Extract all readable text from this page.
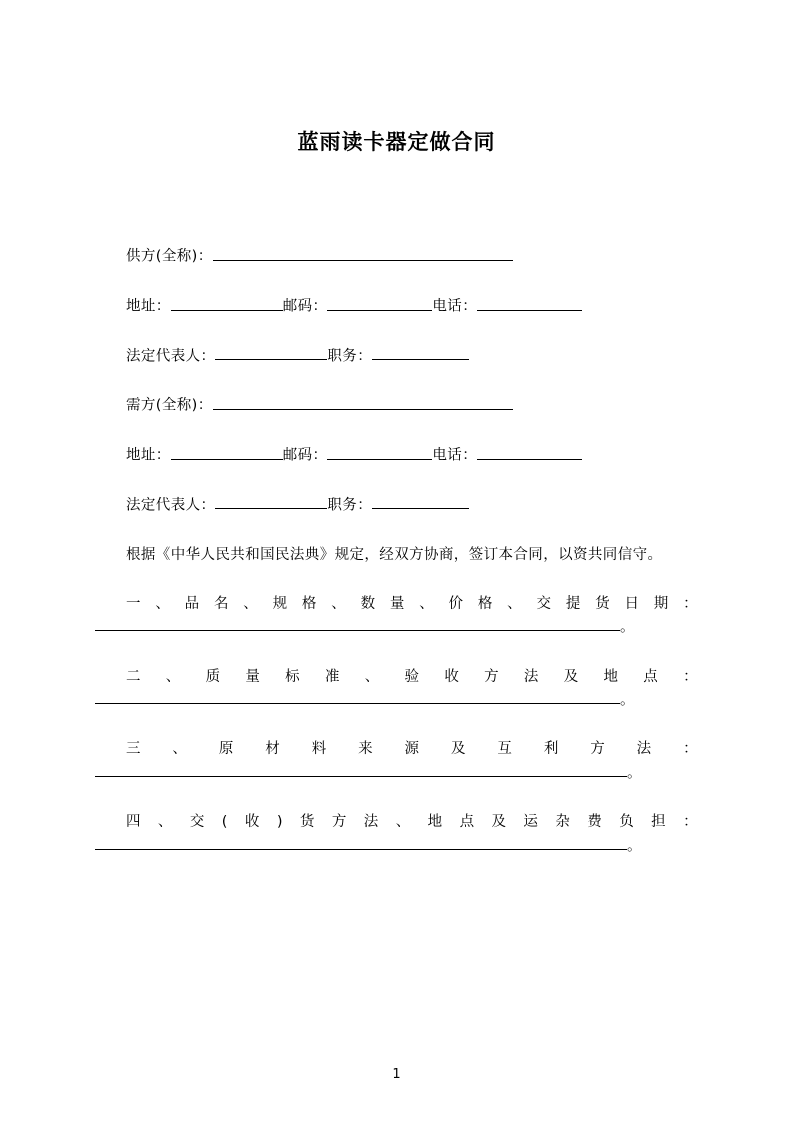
蓝雨读卡器定做合同

供方(全称)：

地址：	邮码：	电话：

法定代表人：	职务：

需方(全称)：

地址：	邮码：	电话：

法定代表人：	职务：

根据《中华人民共和国民法典》规定，经双方协商，签订本合同，以资共同信守。

一、品名、规格、数量、价格、交提货日期：。

二、质量标准、验收方法及地点：。

三、原材料来源及互利方法：。

四、交(收)货方法、地点及运杂费负担：。

1
